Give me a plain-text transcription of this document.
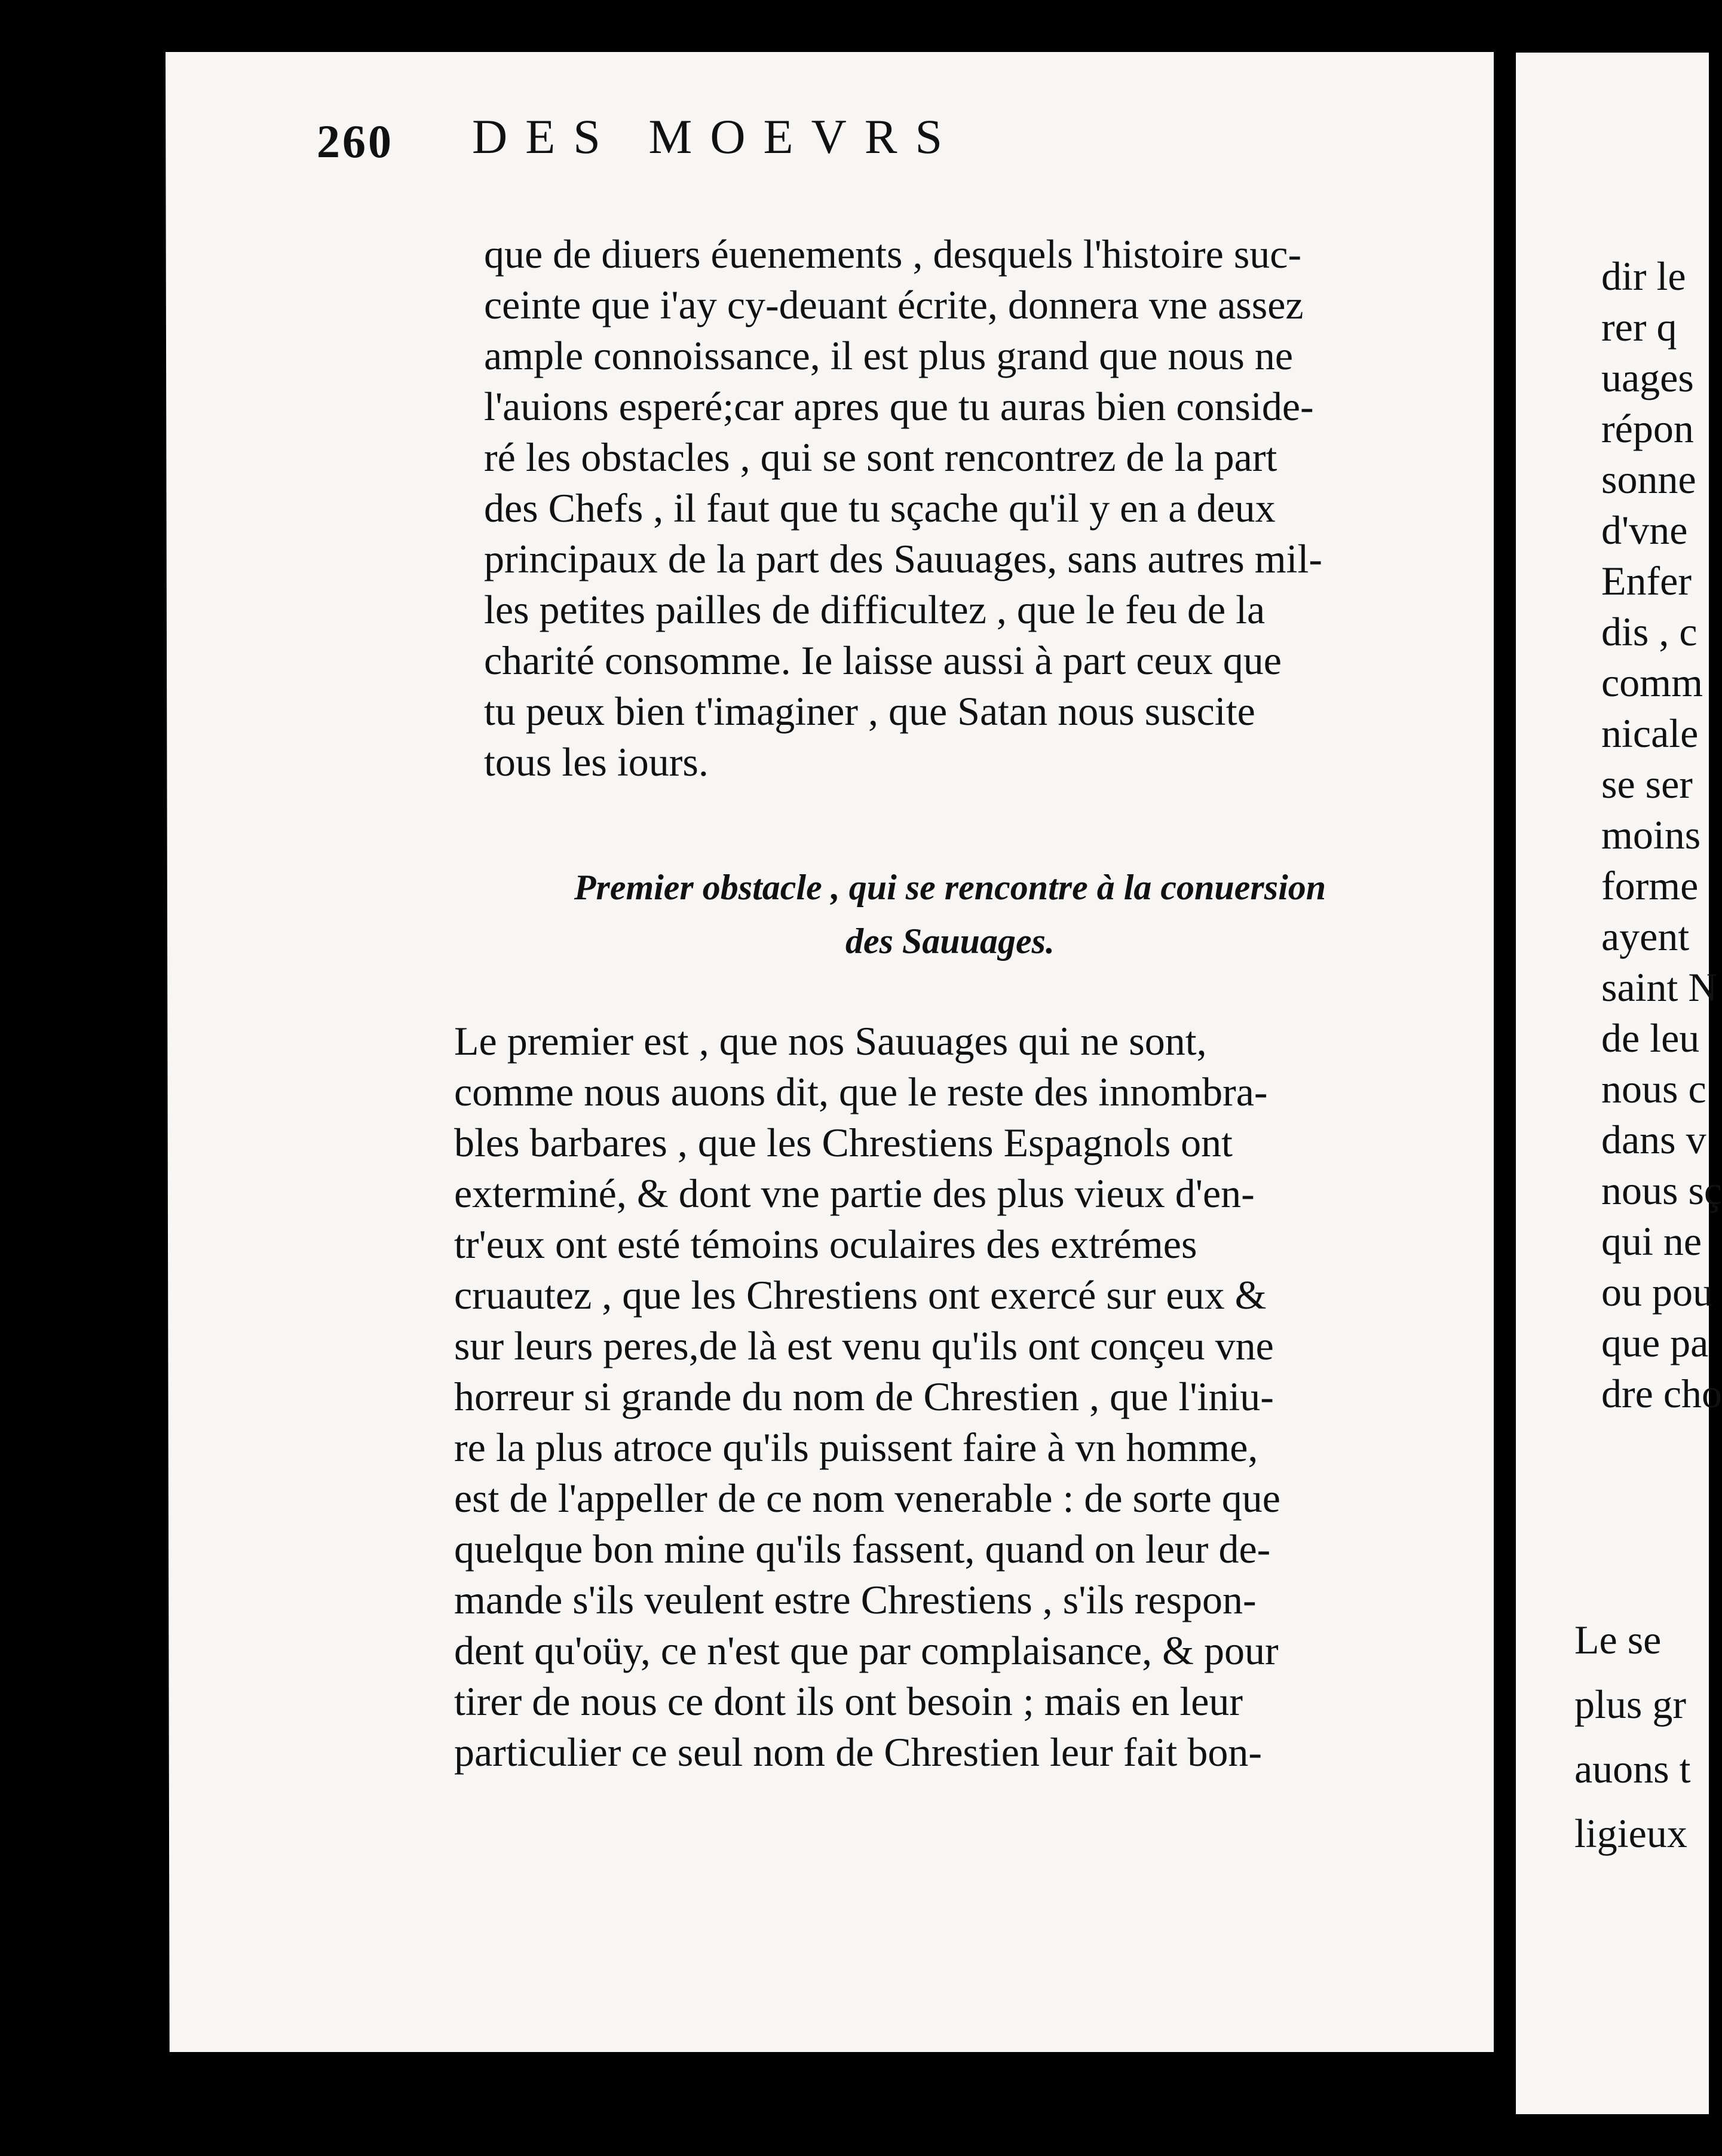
260 DES MOEVRS
que de diuers éuenements , desquels l'histoire suc-
ceinte que i'ay cy-deuant écrite, donnera vne assez
ample connoissance, il est plus grand que nous ne
l'auions esperé;car apres que tu auras bien conside-
ré les obstacles , qui se sont rencontrez de la part
des Chefs , il faut que tu sçache qu'il y en a deux
principaux de la part des Sauuages, sans autres mil-
les petites pailles de difficultez , que le feu de la
charité consomme. Ie laisse aussi à part ceux que
tu peux bien t'imaginer , que Satan nous suscite
tous les iours.
Premier obstacle , qui se rencontre à la conuersion
des Sauuages.
Le premier est , que nos Sauuages qui ne sont,
comme nous auons dit, que le reste des innombra-
bles barbares , que les Chrestiens Espagnols ont
exterminé, & dont vne partie des plus vieux d'en-
tr'eux ont esté témoins oculaires des extrémes
cruautez , que les Chrestiens ont exercé sur eux &
sur leurs peres,de là est venu qu'ils ont conçeu vne
horreur si grande du nom de Chrestien , que l'iniu-
re la plus atroce qu'ils puissent faire à vn homme,
est de l'appeller de ce nom venerable : de sorte que
quelque bon mine qu'ils fassent, quand on leur de-
mande s'ils veulent estre Chrestiens , s'ils respon-
dent qu'oüy, ce n'est que par complaisance, & pour
tirer de nous ce dont ils ont besoin ; mais en leur
particulier ce seul nom de Chrestien leur fait bon-
dir le
rer q
uages
répon
sonne
d'vne
Enfer
dis , c
comm
nicale
se ser
moins
forme
ayent
saint N
de leu
nous c
dans v
nous sç
qui ne
ou pou
que pa
dre cho
Le se
plus gr
auons t
ligieux
